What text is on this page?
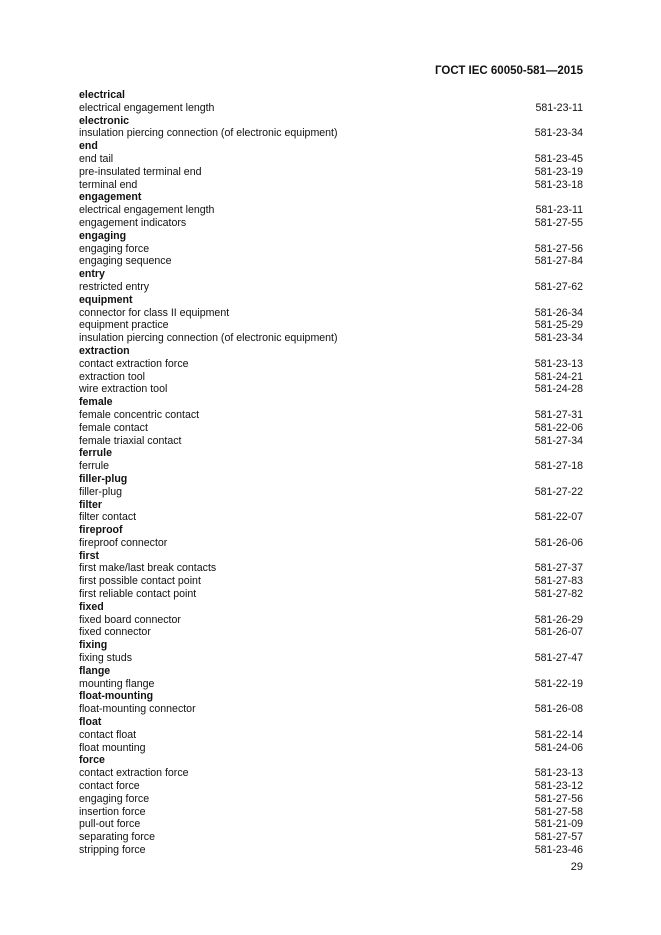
ГОСТ IEC 60050-581—2015
electrical
electrical engagement length	581-23-11
electronic
insulation piercing connection (of electronic equipment)	581-23-34
end
end tail	581-23-45
pre-insulated terminal end	581-23-19
terminal end	581-23-18
engagement
electrical engagement length	581-23-11
engagement indicators	581-27-55
engaging
engaging force	581-27-56
engaging sequence	581-27-84
entry
restricted entry	581-27-62
equipment
connector for class II equipment	581-26-34
equipment practice	581-25-29
insulation piercing connection (of electronic equipment)	581-23-34
extraction
contact extraction force	581-23-13
extraction tool	581-24-21
wire extraction tool	581-24-28
female
female concentric contact	581-27-31
female contact	581-22-06
female triaxial contact	581-27-34
ferrule
ferrule	581-27-18
filler-plug
filler-plug	581-27-22
filter
filter contact	581-22-07
fireproof
fireproof connector	581-26-06
first
first make/last break contacts	581-27-37
first possible contact point	581-27-83
first reliable contact point	581-27-82
fixed
fixed board connector	581-26-29
fixed connector	581-26-07
fixing
fixing studs	581-27-47
flange
mounting flange	581-22-19
float-mounting
float-mounting connector	581-26-08
float
contact float	581-22-14
float mounting	581-24-06
force
contact extraction force	581-23-13
contact force	581-23-12
engaging force	581-27-56
insertion force	581-27-58
pull-out force	581-21-09
separating force	581-27-57
stripping force	581-23-46
29
